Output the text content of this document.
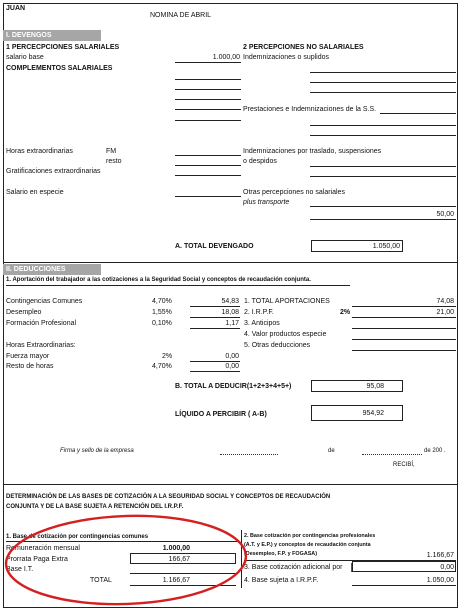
JUAN
NOMINA DE ABRIL
I. DEVENGOS
1 PERCECPCIONES SALARIALES
salario base	1.000,00
COMPLEMENTOS SALARIALES
2 PERCEPCIONES NO SALARIALES
Indemnizaciones o suplidos
Prestaciones e Indemnizaciones de la S.S.
Horas extraordinarias	FM
resto
Gratificaciones extraordinarias
Indemnizaciones por traslado, suspensiones
o despidos
Salario en especie	Otras percepciones no salariales
plus transporte
50,00
A. TOTAL DEVENGADO	1.050,00
II. DEDUCCIONES
1. Aportación del trabajador a las cotizaciones a la Seguridad Social y conceptos de recaudación conjunta.
Contingencias Comunes	4,70%	54,83
Desempleo	1,55%	18,08
Formación Profesional	0,10%	1,17
Horas Extraordinarias:
Fuerza mayor	2%	0,00
Resto de horas	4,70%	0,00
1. TOTAL APORTACIONES	74,08
2. I.R.P.F.	2%	21,00
3. Anticipos
4. Valor productos especie
5. Otras deducciones
B. TOTAL A DEDUCIR(1+2+3+4+5+)	95,08
LÍQUIDO A PERCIBIR ( A-B)	954,92
Firma y sello de la empresa	de	de 200 .
RECIBÍ,
DETERMINACIÓN DE LAS BASES DE COTIZACIÓN A LA SEGURIDAD SOCIAL Y CONCEPTOS DE RECAUDACIÓN
CONJUNTA Y DE LA BASE SUJETA A RETENCIÓN DEL I.R.P.F.
1. Base de cotización por contingencias comunes
Remuneración mensual	1.000,00
Prorrata Paga Extra	166,67
Base I.T.
TOTAL	1.166,67
2. Base cotización por contingencias profesionales
(A.T. y E.P.) y conceptos de recaudación conjunta
(Desempleo, F.P. y FOGASA)	1.166,67
3. Base cotización adicional por	0,00
4. Base sujeta a I.R.P.F.	1.050,00
